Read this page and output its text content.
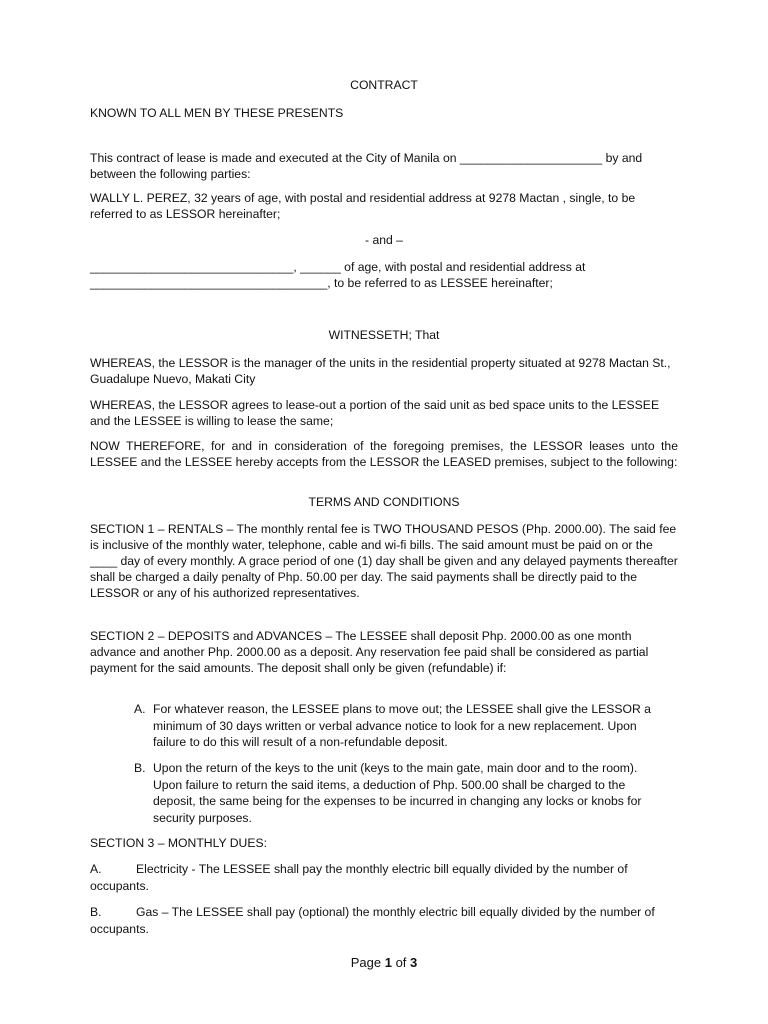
CONTRACT

KNOWN TO ALL MEN BY THESE PRESENTS

This contract of lease is made and executed at the City of Manila on _____________________ by and between the following parties:

WALLY L. PEREZ, 32 years of age, with postal and residential address at 9278 Mactan , single, to be referred to as LESSOR hereinafter;

- and –

______________________________, ______ of age, with postal and residential address at

___________________________________, to be referred to as LESSEE hereinafter;

WITNESSETH; That

WHEREAS, the LESSOR is the manager of the units in the residential property situated at 9278 Mactan St., Guadalupe Nuevo, Makati City

WHEREAS, the LESSOR agrees to lease-out a portion of the said unit as bed space units to the LESSEE and the LESSEE is willing to lease the same;

NOW THEREFORE, for and in consideration of the foregoing premises, the LESSOR leases unto the LESSEE and the LESSEE hereby accepts from the LESSOR the LEASED premises, subject to the following:

TERMS AND CONDITIONS

SECTION 1 – RENTALS – The monthly rental fee is TWO THOUSAND PESOS (Php. 2000.00). The said fee is inclusive of the monthly water, telephone, cable and wi-fi bills. The said amount must be paid on or the ____ day of every monthly. A grace period of one (1) day shall be given and any delayed payments thereafter shall be charged a daily penalty of Php. 50.00 per day. The said payments shall be directly paid to the LESSOR or any of his authorized representatives.

SECTION 2 – DEPOSITS and ADVANCES – The LESSEE shall deposit Php. 2000.00 as one month advance and another Php. 2000.00 as a deposit. Any reservation fee paid shall be considered as partial payment for the said amounts. The deposit shall only be given (refundable) if:

A. For whatever reason, the LESSEE plans to move out; the LESSEE shall give the LESSOR a minimum of 30 days written or verbal advance notice to look for a new replacement. Upon failure to do this will result of a non-refundable deposit.
B. Upon the return of the keys to the unit (keys to the main gate, main door and to the room). Upon failure to return the said items, a deduction of Php. 500.00 shall be charged to the deposit, the same being for the expenses to be incurred in changing any locks or knobs for security purposes.

SECTION 3 – MONTHLY DUES:

A.	Electricity - The LESSEE shall pay the monthly electric bill equally divided by the number of occupants.
B.	Gas – The LESSEE shall pay (optional) the monthly electric bill equally divided by the number of occupants.
Page 1 of 3
